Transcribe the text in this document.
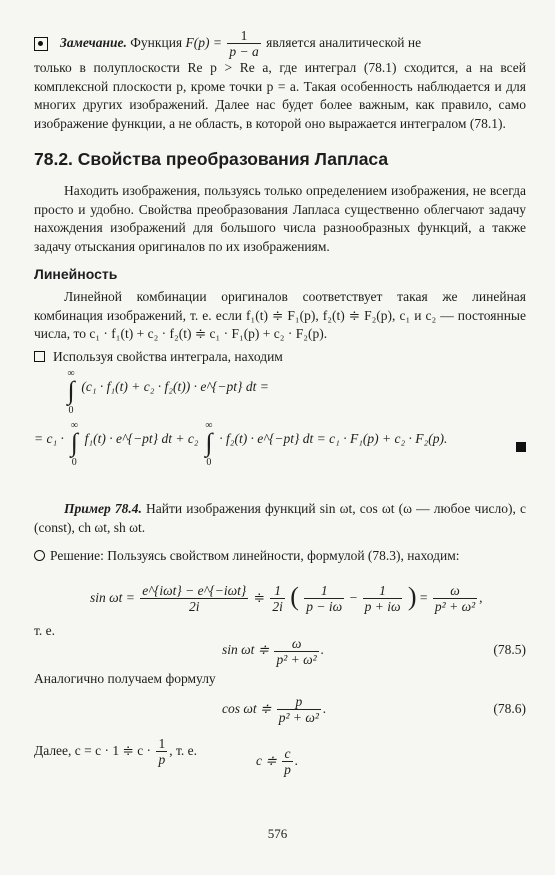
Замечание. Функция $F(p) = \frac{1}{p - a}$ является аналитической не

только в полуплоскости Re p > Re a, где интеграл (78.1) сходится, а на всей комплексной плоскости p, кроме точки p = a. Такая особенность наблюдается и для многих других изображений. Далее нас будет более важным, как правило, само изображение функции, а не область, в которой оно выражается интегралом (78.1).

78.2. Свойства преобразования Лапласа

Находить изображения, пользуясь только определением изображения, не всегда просто и удобно. Свойства преобразования Лапласа существенно облегчают задачу нахождения изображений для большого числа разнообразных функций, а также задачу отыскания оригиналов по их изображениям.

Линейность

Линейной комбинации оригиналов соответствует такая же линейная комбинация изображений, т. е. если f₁(t) ≑ F₁(p), f₂(t) ≑ F₂(p), c₁ и c₂ — постоянные числа, то c₁ · f₁(t) + c₂ · f₂(t) ≑ c₁ · F₁(p) + c₂ · F₂(p).

Используя свойства интеграла, находим

∞
∫
0
(c₁ · f₁(t) + c₂ · f₂(t)) · e^{−pt} dt =
= c₁ ·
∞
∫
0
f₁(t) · e^{−pt} dt + c₂
∞
∫
0
· f₂(t) · e^{−pt} dt = c₁ · F₁(p) + c₂ · F₂(p).

Пример 78.4. Найти изображения функций sin ωt, cos ωt (ω — любое число), c (const), ch ωt, sh ωt.

Решение: Пользуясь свойством линейности, формулой (78.3), находим:

$\sin \omega t = \frac{\text{e\textasciicircum{}\{iωt\} − e\textasciicircum{}\{−iωt\}}}{2i}$ ≑ $\frac{1}{2i}$ ( $\frac{1}{p - i\omega} - \frac{1}{p + i\omega}$ ) = $\frac{\omega}{\text{p² + ω²}}$ ,

т. е.

sin ωt ≑ $\frac{\omega}{\text{p² + ω²}}$ .	(78.5)

Аналогично получаем формулу

cos ωt ≑ $\frac{p}{\text{p² + ω²}}$ .	(78.6)
Далее, c = c · 1 ≑ $c \cdot \frac{1}{p}$ , т. е.
c ≑ $\frac{c}{p}$ .
576
